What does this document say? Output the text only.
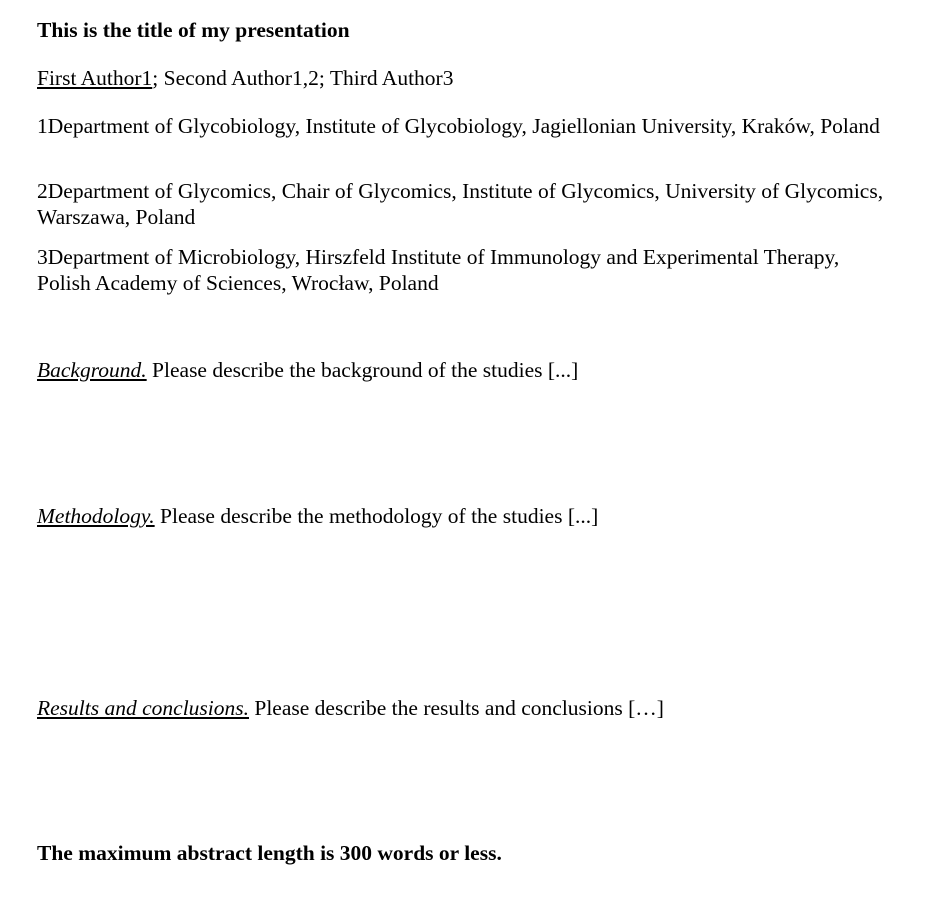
This is the title of my presentation
First Author1; Second Author1,2; Third Author3
1Department of Glycobiology, Institute of Glycobiology, Jagiellonian University, Kraków, Poland
2Department of Glycomics, Chair of Glycomics, Institute of Glycomics, University of Glycomics, Warszawa, Poland
3Department of Microbiology, Hirszfeld Institute of Immunology and Experimental Therapy, Polish Academy of Sciences, Wrocław, Poland
Background. Please describe the background of the studies [...]
Methodology. Please describe the methodology of the studies [...]
Results and conclusions. Please describe the results and conclusions […]
The maximum abstract length is 300 words or less.
